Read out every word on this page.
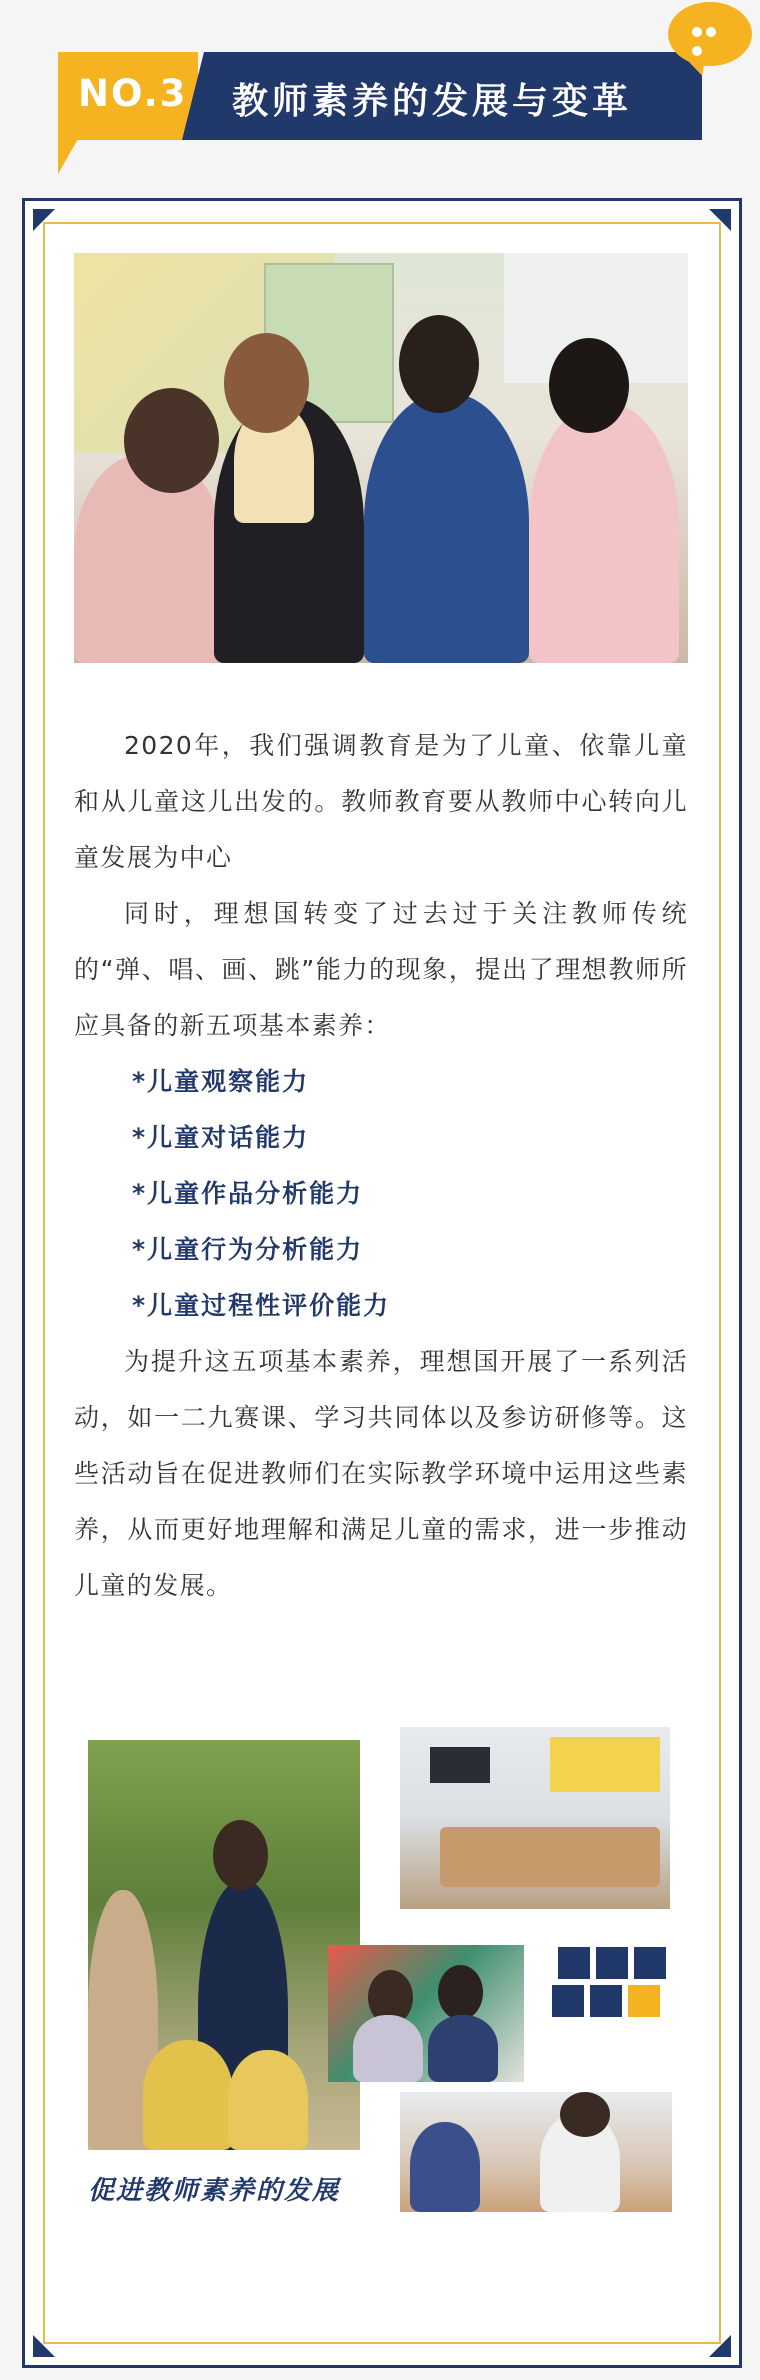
NO.3 教师素养的发展与变革

2020年，我们强调教育是为了儿童、依靠儿童和从儿童这儿出发的。教师教育要从教师中心转向儿童发展为中心

同时，理想国转变了过去过于关注教师传统的“弹、唱、画、跳”能力的现象，提出了理想教师所应具备的新五项基本素养：

*儿童观察能力

*儿童对话能力

*儿童作品分析能力

*儿童行为分析能力

*儿童过程性评价能力

为提升这五项基本素养，理想国开展了一系列活动，如一二九赛课、学习共同体以及参访研修等。这些活动旨在促进教师们在实际教学环境中运用这些素养，从而更好地理解和满足儿童的需求，进一步推动儿童的发展。

促进教师素养的发展
